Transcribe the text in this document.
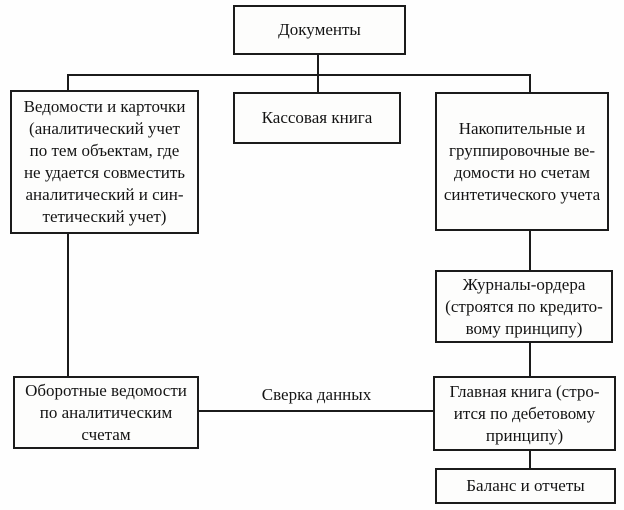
Сверка данных
Документы
Ведомости и карточки
(аналитический учет
по тем объектам, где
не удается совместить
аналитический и син-
тетический учет)
Кассовая книга
Накопительные и
группировочные ве-
домости но счетам
синтетического учета
Журналы-ордера
(строятся по кредито-
вому принципу)
Главная книга (стро-
ится по дебетовому
принципу)
Оборотные ведомости
по аналитическим
счетам
Баланс и отчеты
